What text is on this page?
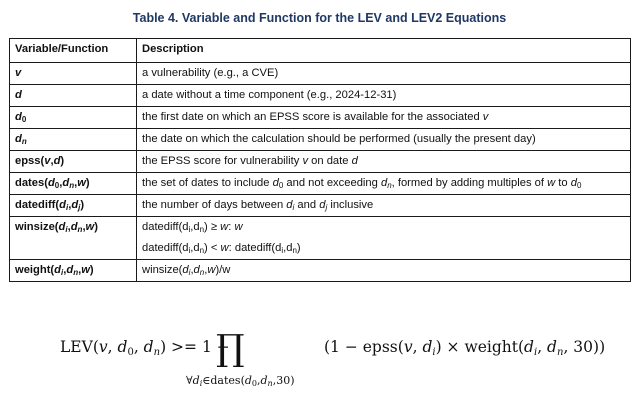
Table 4. Variable and Function for the LEV and LEV2 Equations
Variable/Function	Description
v	a vulnerability (e.g., a CVE)
d	a date without a time component (e.g., 2024-12-31)
$d_0$	the first date on which an EPSS score is available for the associated v
$d_n$	the date on which the calculation should be performed (usually the present day)
epss(v,d)	the EPSS score for vulnerability v on date d
$dates(d_0,d_n,w)$	the set of dates to include $d_0$ and not exceeding $d_n$, formed by adding multiples of w to $d_0$
$datediff(d_i,d_j)$	the number of days between $d_i$ and $d_j$ inclusive
$winsize(d_i,d_n,w)$	$datediff(d_i,d_n) \ge w$: w
$datediff(d_i,d_n) < w$: $datediff(d_i,d_n)$

$weight(d_i,d_n,w)$	$winsize(d_i,d_n,w)/w$
LEV(v, $d_0$, $d_n) >= 1$ −
∏
$\forall d_i\in dates(d_0,d_n,30)$
(1 − epss(v, $d_i$) × $weight(d_i$, $d_n$, 30))
